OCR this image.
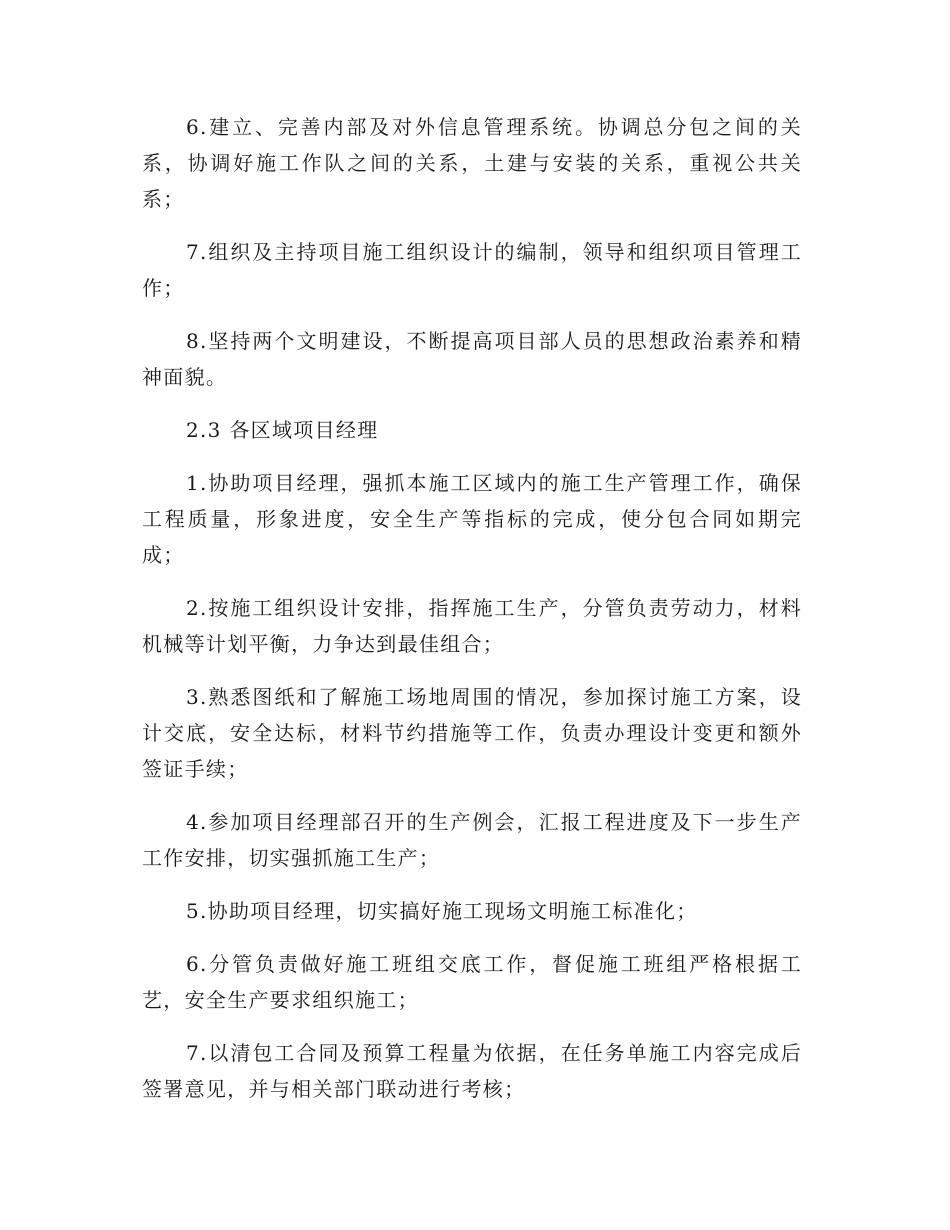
6.建立、完善内部及对外信息管理系统。协调总分包之间的关系，协调好施工作队之间的关系，土建与安装的关系，重视公共关系；

7.组织及主持项目施工组织设计的编制，领导和组织项目管理工作；

8.坚持两个文明建设，不断提高项目部人员的思想政治素养和精神面貌。

2.3 各区域项目经理

1.协助项目经理，强抓本施工区域内的施工生产管理工作，确保工程质量，形象进度，安全生产等指标的完成，使分包合同如期完成；

2.按施工组织设计安排，指挥施工生产，分管负责劳动力，材料机械等计划平衡，力争达到最佳组合；

3.熟悉图纸和了解施工场地周围的情况，参加探讨施工方案，设计交底，安全达标，材料节约措施等工作，负责办理设计变更和额外签证手续；

4.参加项目经理部召开的生产例会，汇报工程进度及下一步生产工作安排，切实强抓施工生产；

5.协助项目经理，切实搞好施工现场文明施工标准化；

6.分管负责做好施工班组交底工作，督促施工班组严格根据工艺，安全生产要求组织施工；

7.以清包工合同及预算工程量为依据，在任务单施工内容完成后签署意见，并与相关部门联动进行考核；
